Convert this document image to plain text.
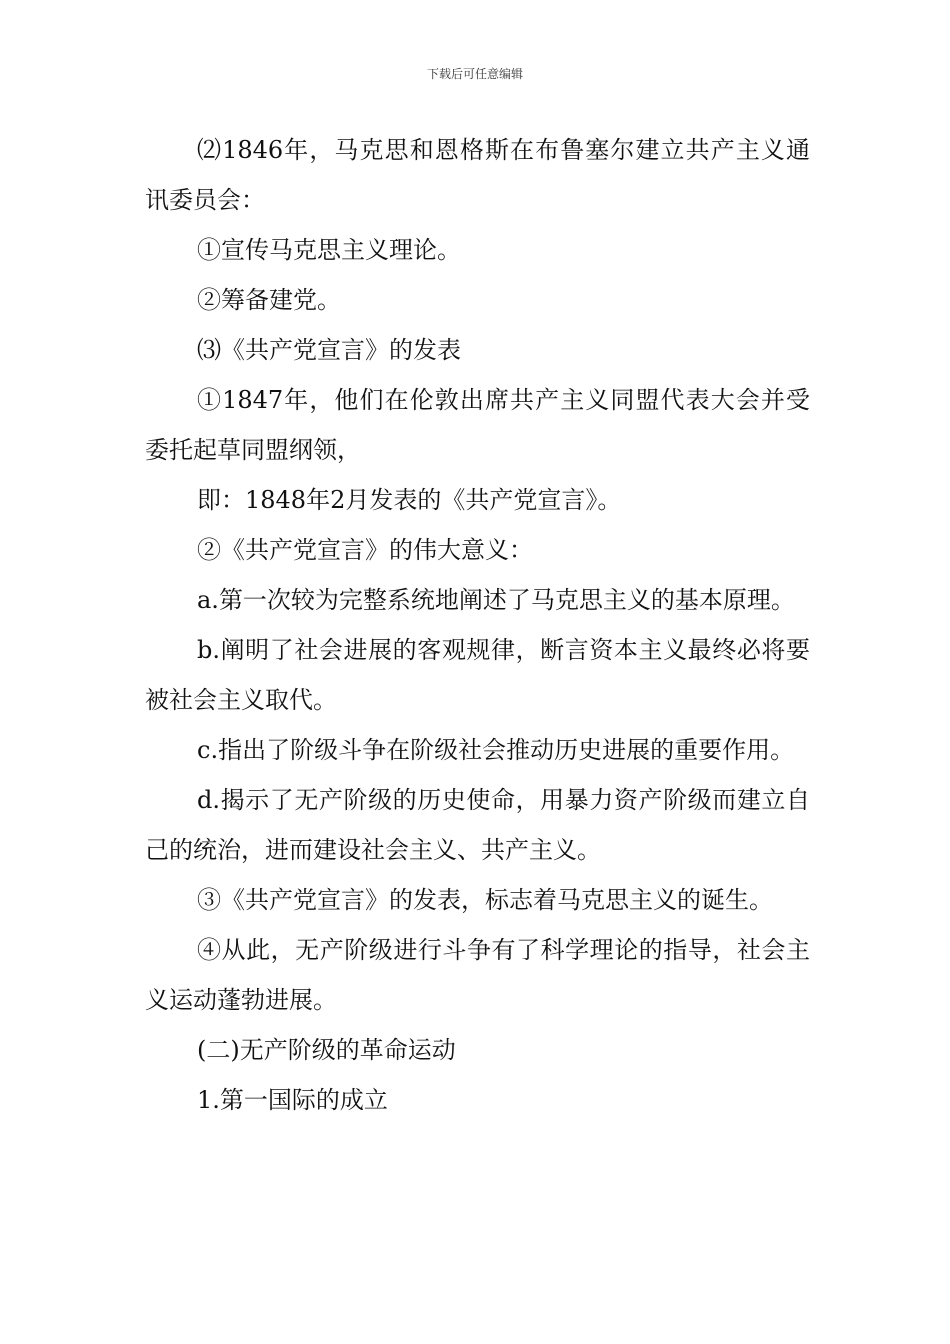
下载后可任意编辑

⑵1846年，马克思和恩格斯在布鲁塞尔建立共产主义通讯委员会：

①宣传马克思主义理论。

②筹备建党。

⑶《共产党宣言》的发表

①1847年，他们在伦敦出席共产主义同盟代表大会并受委托起草同盟纲领，

即：1848年2月发表的《共产党宣言》。

②《共产党宣言》的伟大意义：

a.第一次较为完整系统地阐述了马克思主义的基本原理。

b.阐明了社会进展的客观规律，断言资本主义最终必将要被社会主义取代。

c.指出了阶级斗争在阶级社会推动历史进展的重要作用。

d.揭示了无产阶级的历史使命，用暴力资产阶级而建立自己的统治，进而建设社会主义、共产主义。

③《共产党宣言》的发表，标志着马克思主义的诞生。

④从此，无产阶级进行斗争有了科学理论的指导，社会主义运动蓬勃进展。

(二)无产阶级的革命运动

1.第一国际的成立
